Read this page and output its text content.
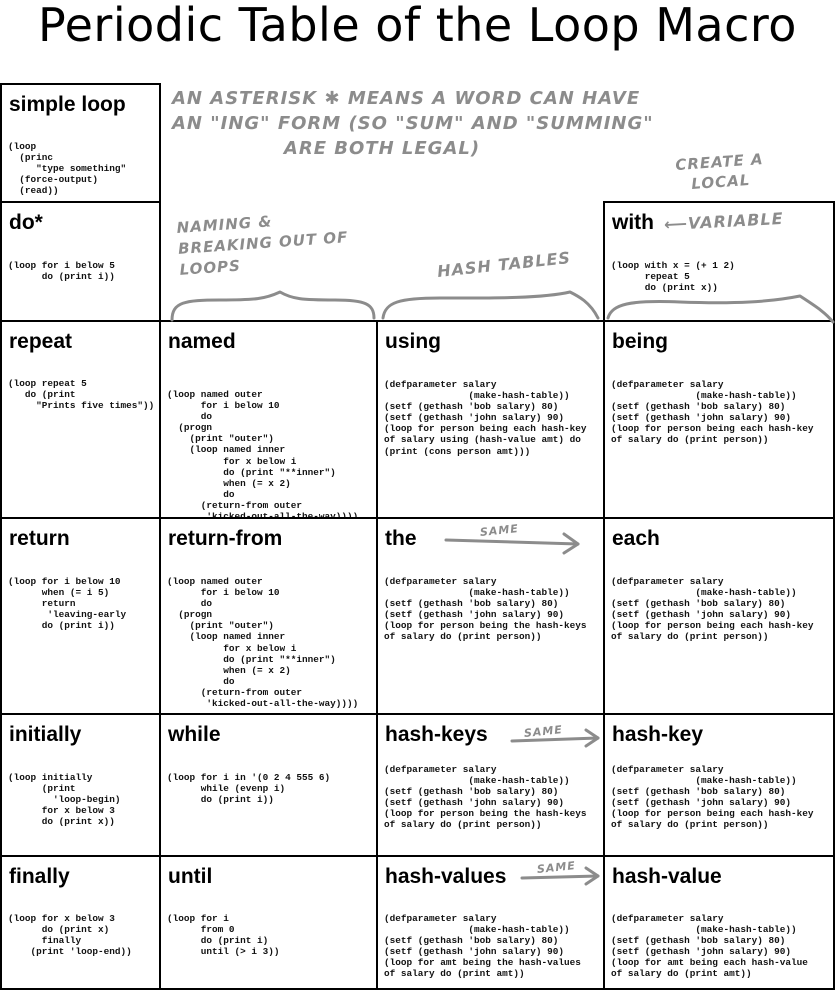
Periodic Table of the Loop Macro
simple loop
(loop
(princ
"type something"
(force-output)
(read))
do*
(loop for i below 5
do (print i))
with
(loop with x = (+ 1 2)
repeat 5
do (print x))
repeat
(loop repeat 5
do (print
"Prints five times"))
named
(loop named outer
for i below 10
do
(progn
(print "outer")
(loop named inner
for x below i
do (print "**inner")
when (= x 2)
do
(return-from outer

using
(defparameter salary
(make-hash-table))
(setf (gethash 'bob salary) 80)
(setf (gethash 'john salary) 90)
(loop for person being each hash-key
of salary using (hash-value amt) do
(print (cons person amt)))
being
(defparameter salary
(make-hash-table))
(setf (gethash 'bob salary) 80)
(setf (gethash 'john salary) 90)
(loop for person being each hash-key
of salary do (print person))
return
(loop for i below 10
when (= i 5)
return
'leaving-early
do (print i))
return-from
(loop named outer
for i below 10
do
(progn
(print "outer")
(loop named inner
for x below i
do (print "**inner")
when (= x 2)
do
(return-from outer
'kicked-out-all-the-way))))
the
(defparameter salary
(make-hash-table))
(setf (gethash 'bob salary) 80)
(setf (gethash 'john salary) 90)
(loop for person being the hash-keys
of salary do (print person))
each
(defparameter salary
(make-hash-table))
(setf (gethash 'bob salary) 80)
(setf (gethash 'john salary) 90)
(loop for person being each hash-key
of salary do (print person))
initially
(loop initially
(print
'loop-begin)
for x below 3
do (print x))
while
(loop for i in '(0 2 4 555 6)
while (evenp i)
do (print i))
hash-keys
(defparameter salary
(make-hash-table))
(setf (gethash 'bob salary) 80)
(setf (gethash 'john salary) 90)
(loop for person being the hash-keys
of salary do (print person))
hash-key
(defparameter salary
(make-hash-table))
(setf (gethash 'bob salary) 80)
(setf (gethash 'john salary) 90)
(loop for person being each hash-key
of salary do (print person))
finally
(loop for x below 3
do (print x)
finally
(print 'loop-end))
until
(loop for i
from 0
do (print i)
until (> i 3))
hash-values
(defparameter salary
(make-hash-table))
(setf (gethash 'bob salary) 80)
(setf (gethash 'john salary) 90)
(loop for amt being the hash-values
of salary do (print amt))
hash-value
(defparameter salary
(make-hash-table))
(setf (gethash 'bob salary) 80)
(setf (gethash 'john salary) 90)
(loop for amt being each hash-value
of salary do (print amt))
AN ASTERISK ✱ MEANS A WORD CAN HAVE
AN "ING" FORM (SO "SUM" AND "SUMMING"
ARE BOTH LEGAL)
NAMING &
BREAKING OUT OF
LOOPS	HASH TABLES
CREATE A
LOCAL
⟵VARIABLE
SAME
SAME
SAME
